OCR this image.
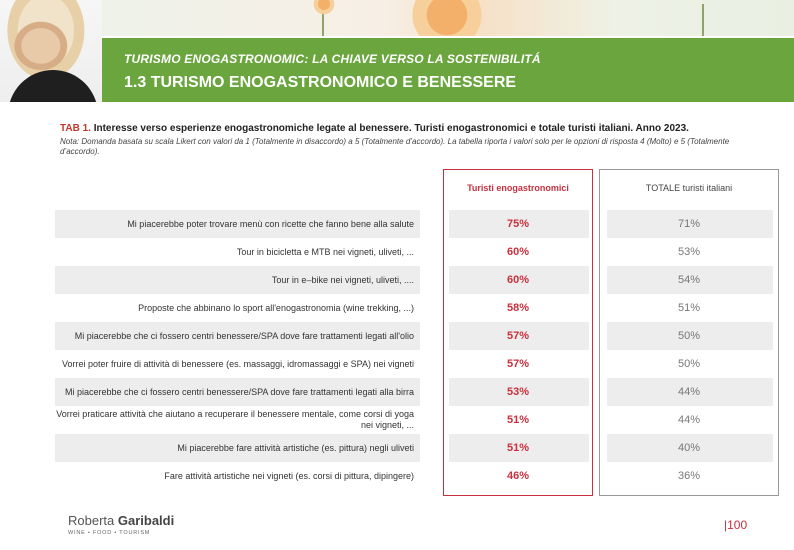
TURISMO ENOGASTRONOMIC: LA CHIAVE VERSO LA SOSTENIBILITÁ
1.3 TURISMO ENOGASTRONOMICO E BENESSERE
TAB 1. Interesse verso esperienze enogastronomiche legate al benessere. Turisti enogastronomici e totale turisti italiani. Anno 2023.
Nota: Domanda basata su scala Likert con valori da 1 (Totalmente in disaccordo) a 5 (Totalmente d’accordo). La tabella riporta i valori solo per le opzioni di risposta 4 (Molto) e 5 (Totalmente d’accordo).
Turisti enogastronomici	TOTALE turisti italiani
Mi piacerebbe poter trovare menù con ricette che fanno bene alla salute	75%	71%
Tour in bicicletta e MTB nei vigneti, uliveti, ...	60%	53%
Tour in e–bike nei vigneti, uliveti, ....	60%	54%
Proposte che abbinano lo sport all'enogastronomia (wine trekking, ...)	58%	51%
Mi piacerebbe che ci fossero centri benessere/SPA dove fare trattamenti legati all'olio	57%	50%
Vorrei poter fruire di attività di benessere (es. massaggi, idromassaggi e SPA) nei vigneti	57%	50%
Mi piacerebbe che ci fossero centri benessere/SPA dove fare trattamenti legati alla birra	53%	44%
Vorrei praticare attività che aiutano a recuperare il benessere mentale, come corsi di yoga nei vigneti, ...	51%	44%
Mi piacerebbe fare attività artistiche (es. pittura) negli uliveti	51%	40%
Fare attività artistiche nei vigneti (es. corsi di pittura, dipingere)	46%	36%
Roberta Garibaldi
WINE • FOOD • TOURISM
|100
